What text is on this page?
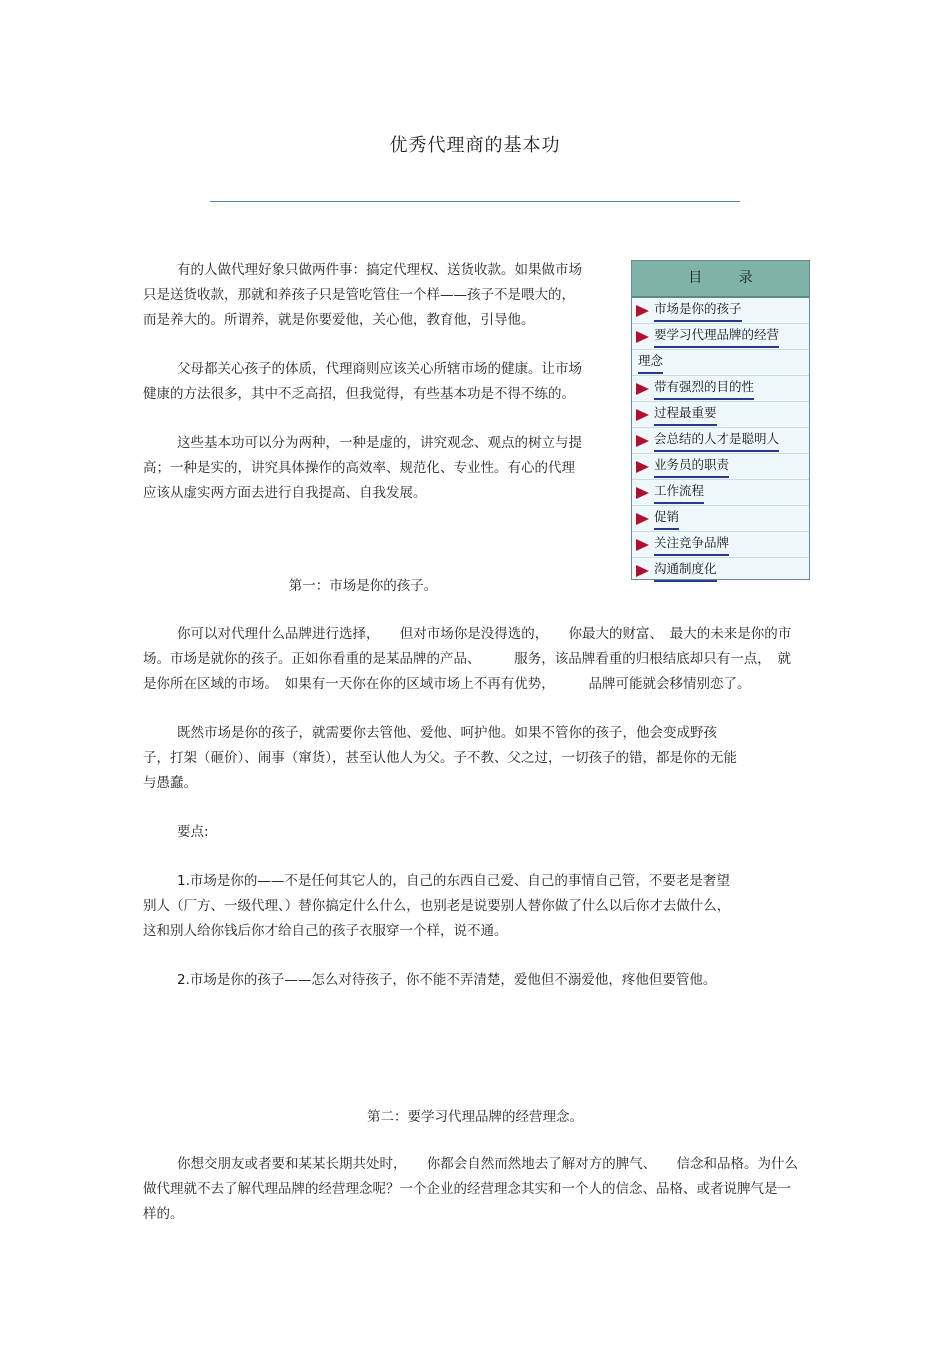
优秀代理商的基本功

有的人做代理好象只做两件事：搞定代理权、送货收款。如果做市场只是送货收款，那就和养孩子只是管吃管住一个样——孩子不是喂大的，而是养大的。所谓养，就是你要爱他，关心他，教育他，引导他。

父母都关心孩子的体质，代理商则应该关心所辖市场的健康。让市场健康的方法很多，其中不乏高招，但我觉得，有些基本功是不得不练的。

这些基本功可以分为两种，一种是虚的，讲究观念、观点的树立与提高；一种是实的，讲究具体操作的高效率、规范化、专业性。有心的代理应该从虚实两方面去进行自我提高、自我发展。

目 录
市场是你的孩子
要学习代理品牌的经营
理念
带有强烈的目的性
过程最重要
会总结的人才是聪明人
业务员的职责
工作流程
促销
关注竞争品牌
沟通制度化
第一：市场是你的孩子。

你可以对代理什么品牌进行选择，　　但对市场你是没得选的，　　你最大的财富、　最大的未来是你的市场。市场是就你的孩子。正如你看重的是某品牌的产品、　　　服务，该品牌看重的归根结底却只有一点，　就是你所在区域的市场。　如果有一天你在你的区域市场上不再有优势，　　　品牌可能就会移情别恋了。

既然市场是你的孩子，就需要你去管他、爱他、呵护他。如果不管你的孩子，他会变成野孩子，打架（砸价）、闹事（窜货），甚至认他人为父。子不教、父之过，一切孩子的错，都是你的无能与愚蠢。

要点:

1.市场是你的——不是任何其它人的，自己的东西自己爱、自己的事情自己管，不要老是奢望别人（厂方、一级代理、）替你搞定什么什么，也别老是说要别人替你做了什么以后你才去做什么，这和别人给你钱后你才给自己的孩子衣服穿一个样，说不通。

2.市场是你的孩子——怎么对待孩子，你不能不弄清楚，爱他但不溺爱他，疼他但要管他。

第二：要学习代理品牌的经营理念。

你想交朋友或者要和某某长期共处时，　　你都会自然而然地去了解对方的脾气、　　信念和品格。为什么做代理就不去了解代理品牌的经营理念呢？一个企业的经营理念其实和一个人的信念、品格、或者说脾气是一样的。
